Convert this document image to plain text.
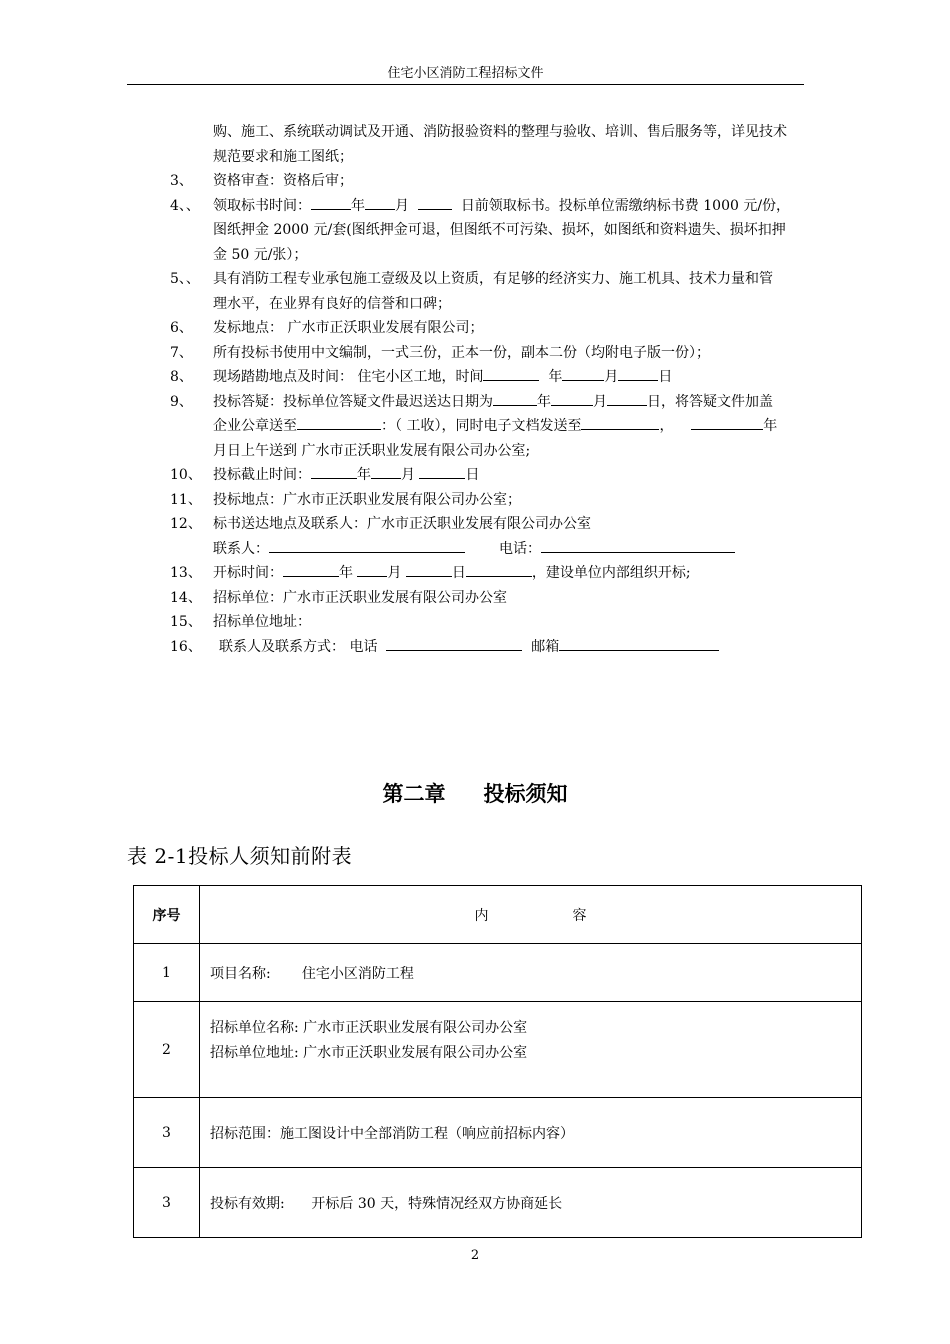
住宅小区消防工程招标文件
购、施工、系统联动调试及开通、消防报验资料的整理与验收、培训、售后服务等，详见技术
规范要求和施工图纸；
3、	资格审查：资格后审；
4、、 领取标书时间：	年 月	日前领取标书。投标单位需缴纳标书费 1000 元/份，
图纸押金 2000 元/套(图纸押金可退，但图纸不可污染、损坏，如图纸和资料遗失、损坏扣押
金 50 元/张）；
5、、 具有消防工程专业承包施工壹级及以上资质，有足够的经济实力、施工机具、技术力量和管
理水平，在业界有良好的信誉和口碑；
6、	发标地点： 广水市正沃职业发展有限公司；
7、	所有投标书使用中文编制，一式三份，正本一份，副本二份（均附电子版一份）；
8、	现场踏勘地点及时间： 住宅小区工地，时间	年	月	日
9、	投标答疑：投标单位答疑文件最迟送达日期为	年	月	日，将答疑文件加盖
企业公章送至	：（ 工收），同时电子文档发送至	，	年
月日上午送到 广水市正沃职业发展有限公司办公室;
10、 投标截止时间：	年 月	日
11、 投标地点：广水市正沃职业发展有限公司办公室；
12、 标书送达地点及联系人：广水市正沃职业发展有限公司办公室
联系人：	电话：
13、 开标时间：	年 月	日	，建设单位内部组织开标;
14、 招标单位：广水市正沃职业发展有限公司办公室
15、 招标单位地址：
16、	联系人及联系方式： 电话	邮箱
第二章 投标须知
表 2-1投标人须知前附表
序号	内 容
1	项目名称:       住宅小区消防工程
2	招标单位名称: 广水市正沃职业发展有限公司办公室
招标单位地址: 广水市正沃职业发展有限公司办公室

3	招标范围：施工图设计中全部消防工程（响应前招标内容）
3	投标有效期:      开标后 30 天，特殊情况经双方协商延长
2
